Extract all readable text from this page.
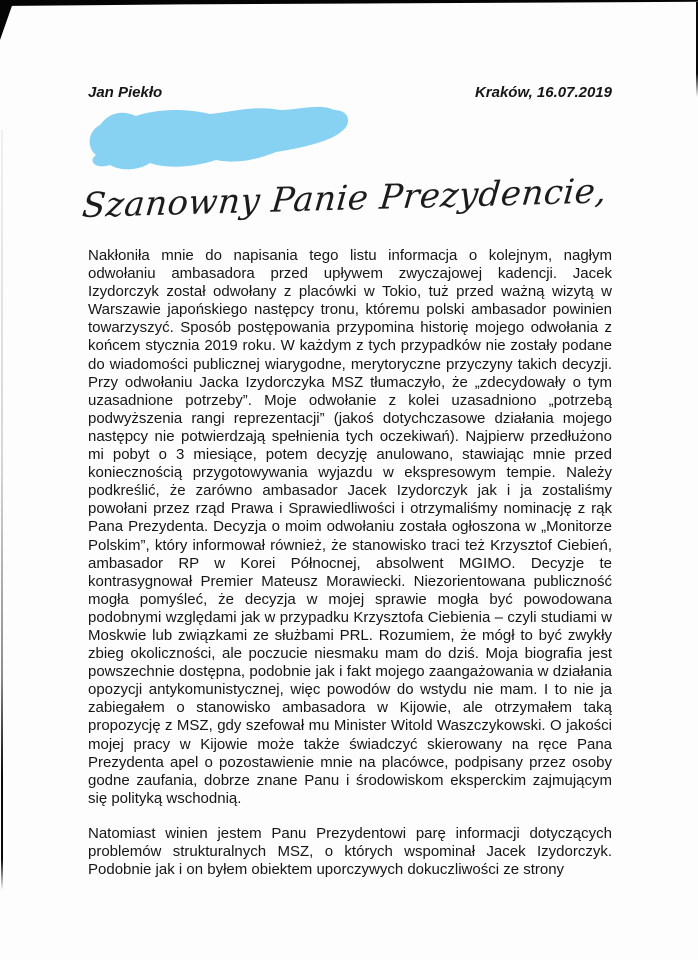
Jan Piekło	Kraków, 16.07.2019
Szanowny Panie Prezydencie,

Nakłoniła mnie do napisania tego listu informacja o kolejnym, nagłym odwołaniu ambasadora przed upływem zwyczajowej kadencji. Jacek Izydorczyk został odwołany z placówki w Tokio, tuż przed ważną wizytą w Warszawie japońskiego następcy tronu, któremu polski ambasador powinien towarzyszyć. Sposób postępowania przypomina historię mojego odwołania z końcem stycznia 2019 roku. W każdym z tych przypadków nie zostały podane do wiadomości publicznej wiarygodne, merytoryczne przyczyny takich decyzji. Przy odwołaniu Jacka Izydorczyka MSZ tłumaczyło, że „zdecydowały o tym uzasadnione potrzeby”. Moje odwołanie z kolei uzasadniono „potrzebą podwyższenia rangi reprezentacji” (jakoś dotychczasowe działania mojego następcy nie potwierdzają spełnienia tych oczekiwań). Najpierw przedłużono mi pobyt o 3 miesiące, potem decyzję anulowano, stawiając mnie przed koniecznością przygotowywania wyjazdu w ekspresowym tempie. Należy podkreślić, że zarówno ambasador Jacek Izydorczyk jak i ja zostaliśmy powołani przez rząd Prawa i Sprawiedliwości i otrzymaliśmy nominację z rąk Pana Prezydenta. Decyzja o moim odwołaniu została ogłoszona w „Monitorze Polskim”, który informował również, że stanowisko traci też Krzysztof Ciebień, ambasador RP w Korei Północnej, absolwent MGIMO. Decyzje te kontrasygnował Premier Mateusz Morawiecki. Niezorientowana publiczność mogła pomyśleć, że decyzja w mojej sprawie mogła być powodowana podobnymi względami jak w przypadku Krzysztofa Ciebienia – czyli studiami w Moskwie lub związkami ze służbami PRL. Rozumiem, że mógł to być zwykły zbieg okoliczności, ale poczucie niesmaku mam do dziś. Moja biografia jest powszechnie dostępna, podobnie jak i fakt mojego zaangażowania w działania opozycji antykomunistycznej, więc powodów do wstydu nie mam. I to nie ja zabiegałem o stanowisko ambasadora w Kijowie, ale otrzymałem taką propozycję z MSZ, gdy szefował mu Minister Witold Waszczykowski. O jakości mojej pracy w Kijowie może także świadczyć skierowany na ręce Pana Prezydenta apel o pozostawienie mnie na placówce, podpisany przez osoby godne zaufania, dobrze znane Panu i środowiskom eksperckim zajmującym się polityką wschodnią.

Natomiast winien jestem Panu Prezydentowi parę informacji dotyczących problemów strukturalnych MSZ, o których wspominał Jacek Izydorczyk. Podobnie jak i on byłem obiektem uporczywych dokuczliwości ze strony
